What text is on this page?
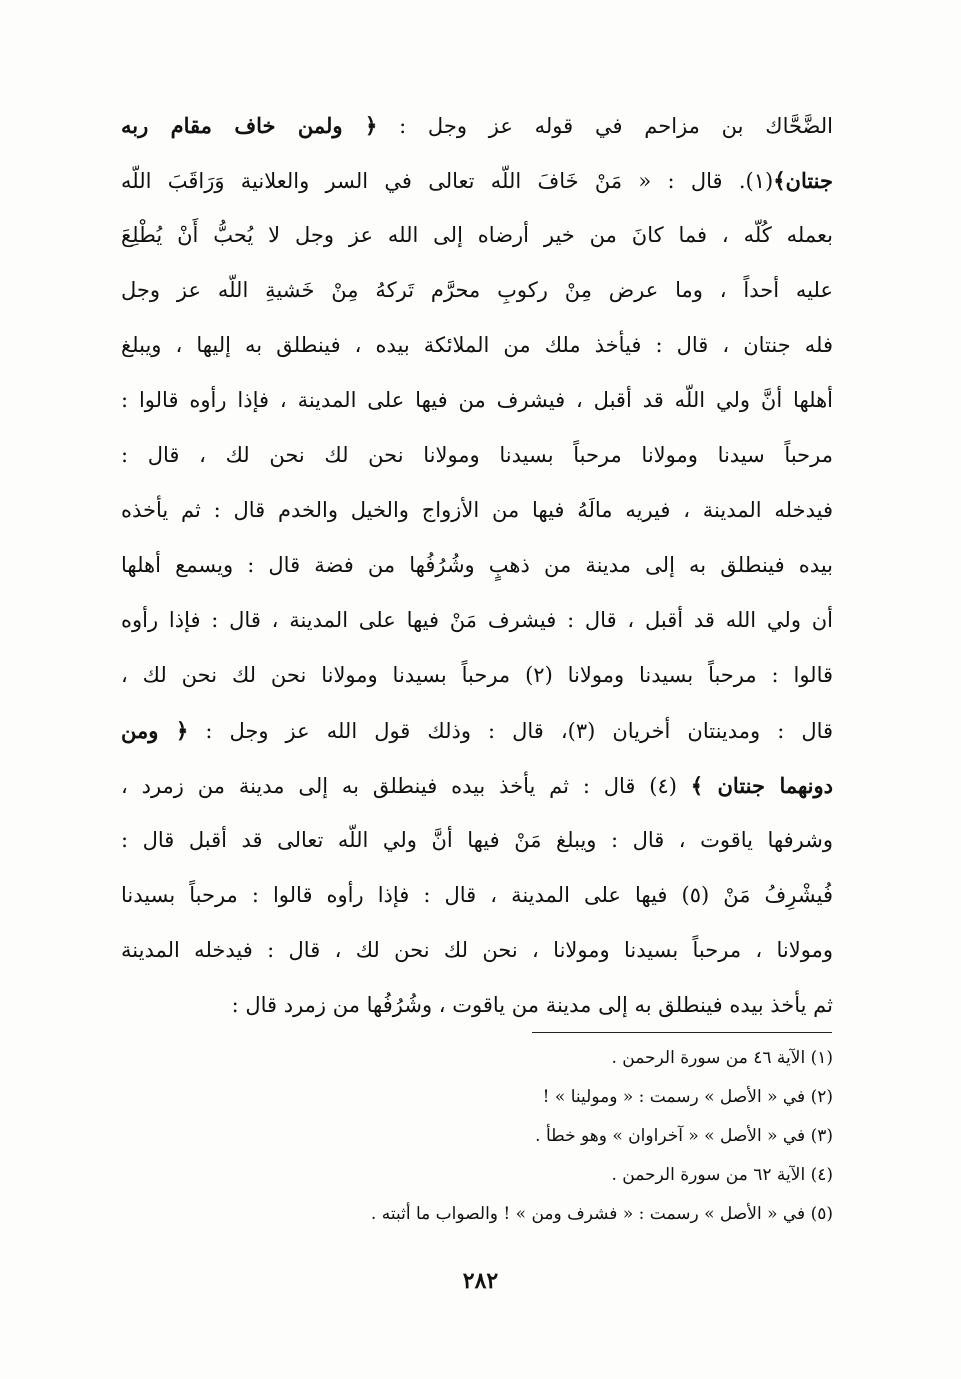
الضَّحَّاك بن مزاحم في قوله عز وجل : ﴿ ولمن خاف مقام ربه
جنتان﴾(١). قال : « مَنْ خَافَ اللّه تعالى في السر والعلانية وَرَاقَبَ اللّه
بعمله كُلّه ، فما كانَ من خير أرضاه إلى الله عز وجل لا يُحبُّ أَنْ يُطْلِعَ
عليه أحداً ، وما عرض مِنْ ركوبِ محرَّم تَركهُ مِنْ خَشيةِ اللّه عز وجل
فله جنتان ، قال : فيأخذ ملك من الملائكة بيده ، فينطلق به إليها ، ويبلغ
أهلها أنَّ ولي اللّه قد أقبل ، فيشرف من فيها على المدينة ، فإذا رأوه قالوا :
مرحباً سيدنا ومولانا مرحباً بسيدنا ومولانا نحن لك نحن لك ، قال :
فيدخله المدينة ، فيريه مالَهُ فيها من الأزواج والخيل والخدم قال : ثم يأخذه
بيده فينطلق به إلى مدينة من ذهبٍ وشُرُفُها من فضة قال : ويسمع أهلها
أن ولي الله قد أقبل ، قال : فيشرف مَنْ فيها على المدينة ، قال : فإذا رأوه
قالوا : مرحباً بسيدنا ومولانا (٢) مرحباً بسيدنا ومولانا نحن لك نحن لك ،
قال : ومدينتان أخريان (٣)، قال : وذلك قول الله عز وجل : ﴿ ومن
دونهما جنتان ﴾ (٤) قال : ثم يأخذ بيده فينطلق به إلى مدينة من زمرد ،
وشرفها ياقوت ، قال : ويبلغ مَنْ فيها أنَّ ولي اللّه تعالى قد أقبل قال :
فُيشْرِفُ مَنْ (٥) فيها على المدينة ، قال : فإذا رأوه قالوا : مرحباً بسيدنا
ومولانا ، مرحباً بسيدنا ومولانا ، نحن لك نحن لك ، قال : فيدخله المدينة
ثم يأخذ بيده فينطلق به إلى مدينة من ياقوت ، وشُرُفُها من زمرد قال :
(١) الآية ٤٦ من سورة الرحمن .
(٢) في « الأصل » رسمت : « ومولينا » !
(٣) في « الأصل » « آخراوان » وهو خطأ .
(٤) الآية ٦٢ من سورة الرحمن .
(٥) في « الأصل » رسمت : « فشرف ومن » ! والصواب ما أثبته .
٢٨٢
